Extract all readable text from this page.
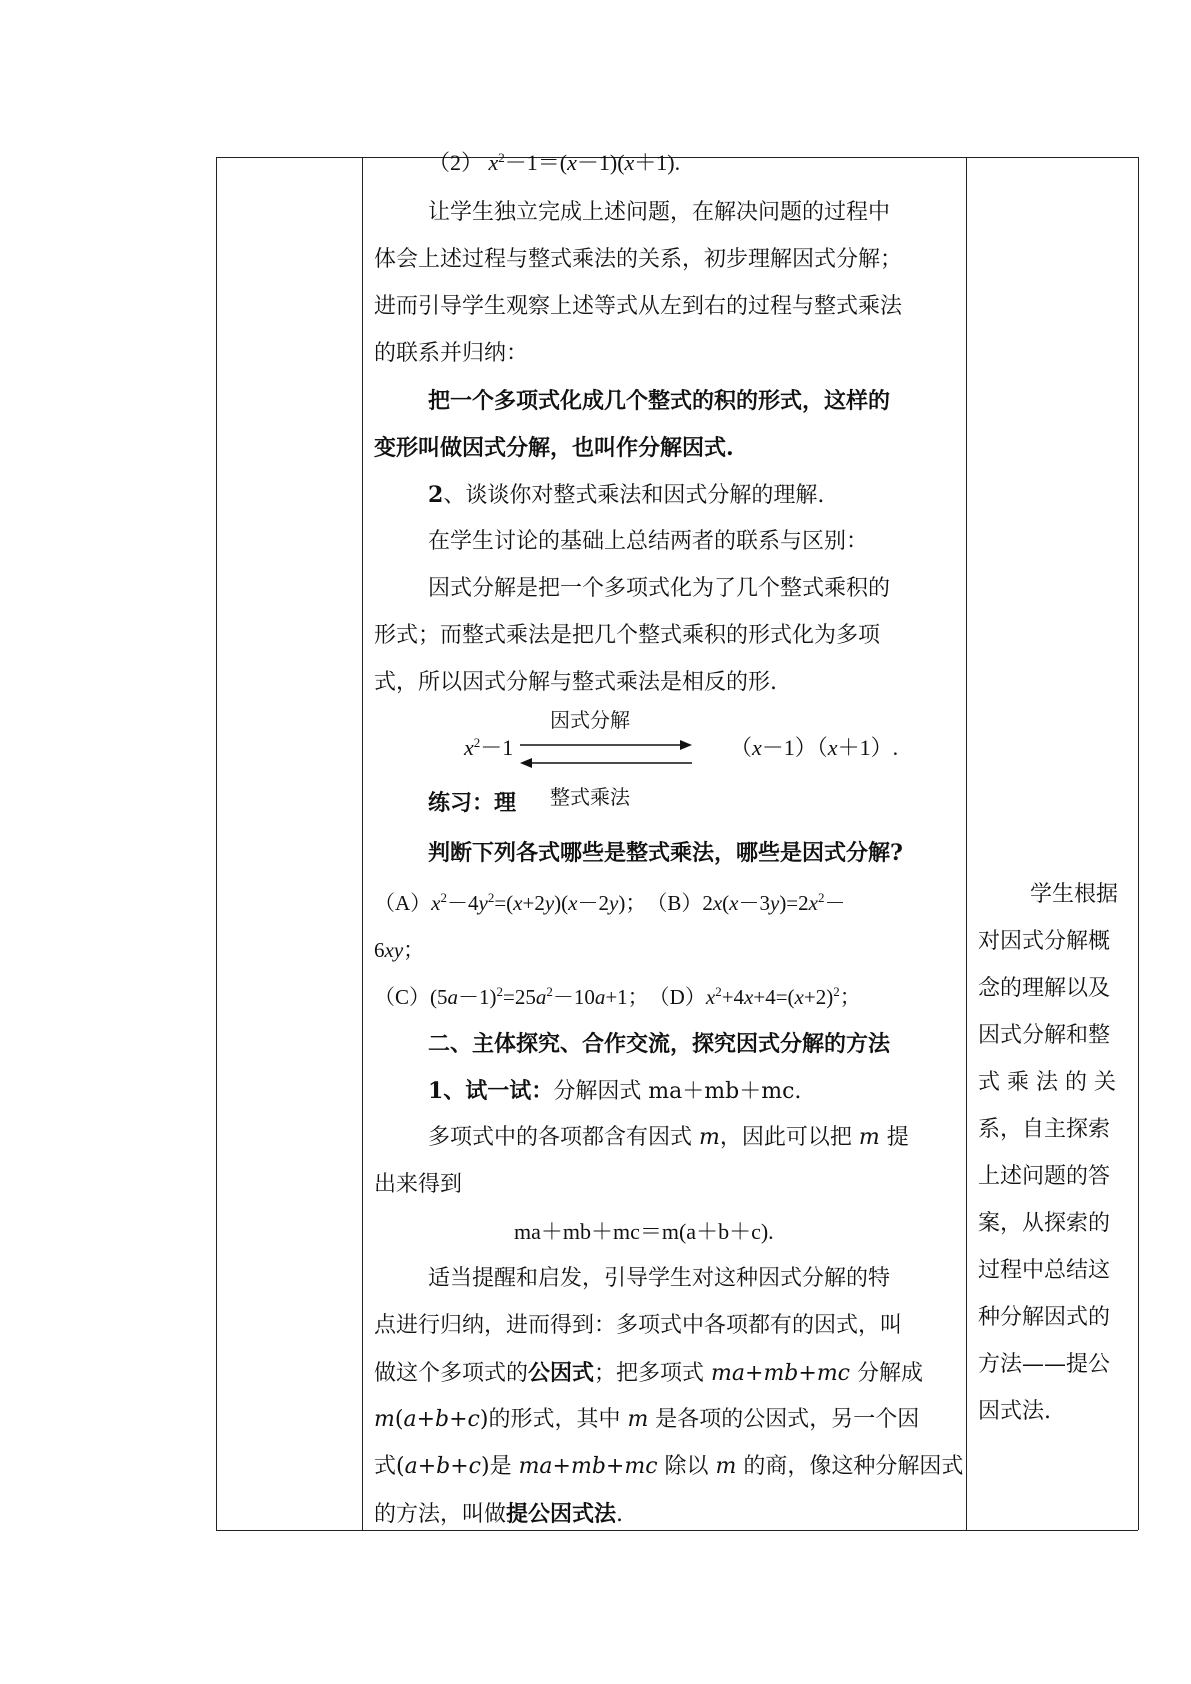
（2） $x^2-1=(x-1)(x+1)$.
让学生独立完成上述问题，在解决问题的过程中
体会上述过程与整式乘法的关系，初步理解因式分解；
进而引导学生观察上述等式从左到右的过程与整式乘法
的联系并归纳：
把一个多项式化成几个整式的积的形式，这样的
变形叫做因式分解，也叫作分解因式.
2、谈谈你对整式乘法和因式分解的理解.
在学生讨论的基础上总结两者的联系与区别：
因式分解是把一个多项式化为了几个整式乘积的
形式；而整式乘法是把几个整式乘积的形式化为多项
式，所以因式分解与整式乘法是相反的形.
$x^2-1$
因式分解
（x－1）（x＋1）.
练习：理 整式乘法
判断下列各式哪些是整式乘法，哪些是因式分解?
$(A)x^2-4y^2=(x+2y)(x-2y)$；　$(B)2x(x-3y)=2x^2-$
6xy；
$(C)(5a-1)^2=25a^2-10a+1$；　$(D)x^2+4x+4=(x+2)^2$；
二、主体探究、合作交流，探究因式分解的方法
1、试一试：分解因式 ma＋mb＋mc.
多项式中的各项都含有因式 m，因此可以把 m 提
出来得到
ma＋mb＋mc＝m(a＋b＋c).
适当提醒和启发，引导学生对这种因式分解的特
点进行归纳，进而得到：多项式中各项都有的因式，叫
做这个多项式的公因式；把多项式 ma+mb+mc 分解成
m(a+b+c)的形式，其中 m 是各项的公因式，另一个因
式(a+b+c)是 ma+mb+mc 除以 m 的商，像这种分解因式
的方法，叫做提公因式法.
学生根据
对因式分解概
念的理解以及
因式分解和整
式 乘 法 的 关
系，自主探索
上述问题的答
案，从探索的
过程中总结这
种分解因式的
方法——提公
因式法.
